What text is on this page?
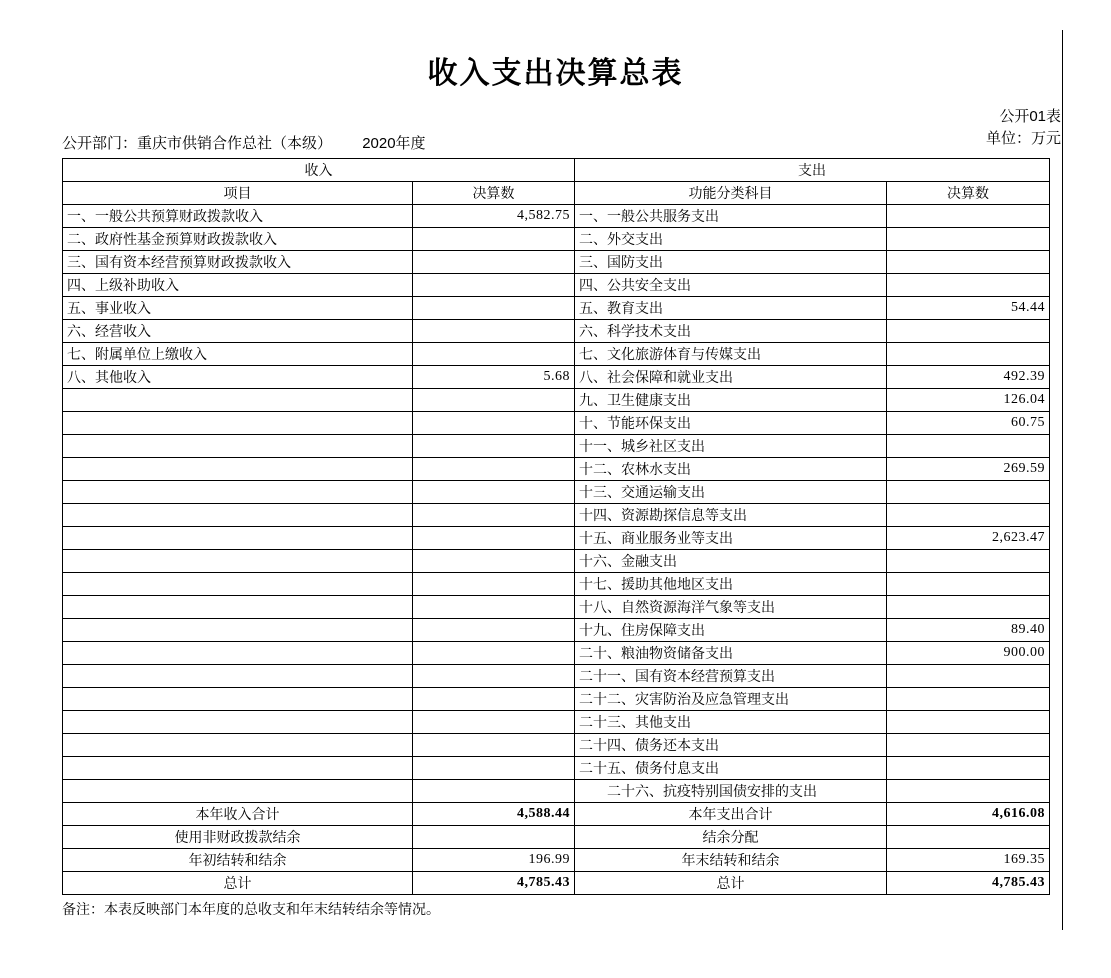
收入支出决算总表
公开部门：重庆市供销合作总社（本级） 2020年度
公开01表
单位：万元
收入		支出	
项目	决算数	功能分类科目	决算数
一、一般公共预算财政拨款收入	4,582.75	一、一般公共服务支出	
二、政府性基金预算财政拨款收入		二、外交支出	
三、国有资本经营预算财政拨款收入		三、国防支出	
四、上级补助收入		四、公共安全支出	
五、事业收入		五、教育支出	54.44
六、经营收入		六、科学技术支出	
七、附属单位上缴收入		七、文化旅游体育与传媒支出	
八、其他收入	5.68	八、社会保障和就业支出	492.39
		九、卫生健康支出	126.04
		十、节能环保支出	60.75
		十一、城乡社区支出	
		十二、农林水支出	269.59
		十三、交通运输支出	
		十四、资源勘探信息等支出	
		十五、商业服务业等支出	2,623.47
		十六、金融支出	
		十七、援助其他地区支出	
		十八、自然资源海洋气象等支出	
		十九、住房保障支出	89.40
		二十、粮油物资储备支出	900.00
		二十一、国有资本经营预算支出	
		二十二、灾害防治及应急管理支出	
		二十三、其他支出	
		二十四、债务还本支出	
		二十五、债务付息支出	
		　　二十六、抗疫特别国债安排的支出	
本年收入合计	4,588.44	本年支出合计	4,616.08
使用非财政拨款结余		结余分配	
年初结转和结余	196.99	年末结转和结余	169.35
总计	4,785.43	总计	4,785.43
备注：本表反映部门本年度的总收支和年末结转结余等情况。
